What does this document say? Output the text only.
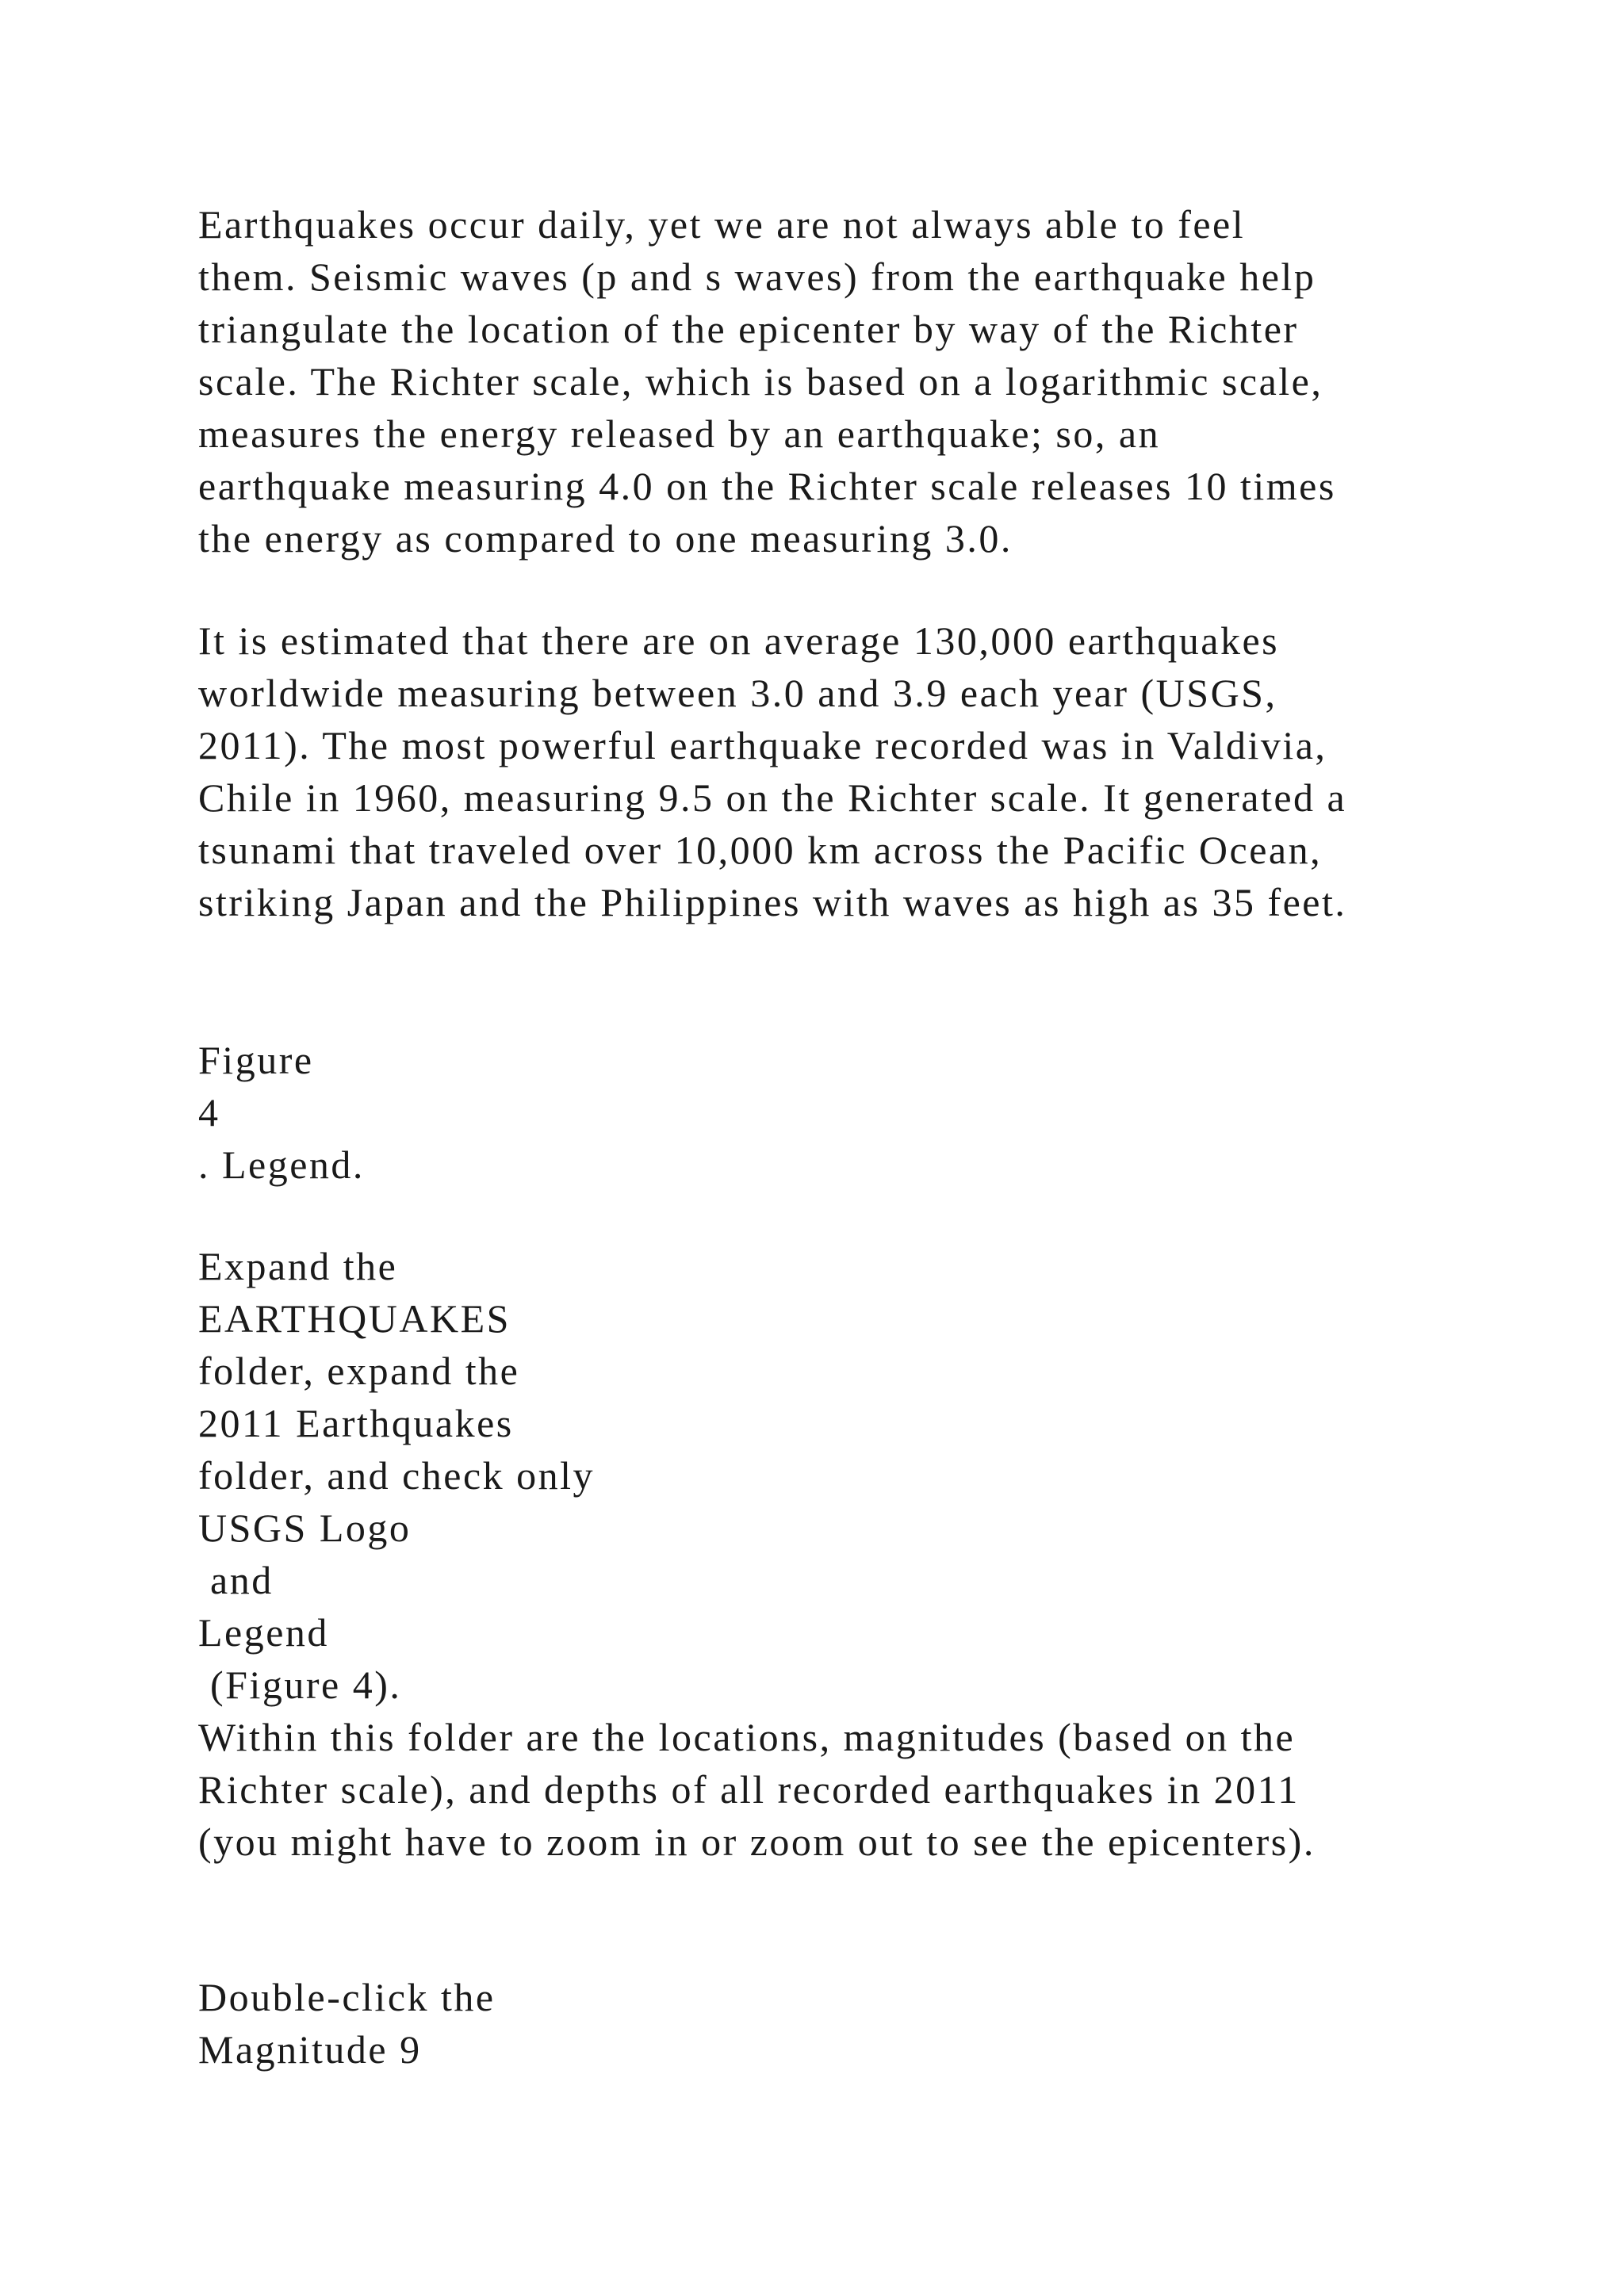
Earthquakes occur daily, yet we are not always able to feel
them. Seismic waves (p and s waves) from the earthquake help
triangulate the location of the epicenter by way of the Richter
scale. The Richter scale, which is based on a logarithmic scale,
measures the energy released by an earthquake; so, an
earthquake measuring 4.0 on the Richter scale releases 10 times
the energy as compared to one measuring 3.0.
It is estimated that there are on average 130,000 earthquakes
worldwide measuring between 3.0 and 3.9 each year (USGS,
2011). The most powerful earthquake recorded was in Valdivia,
Chile in 1960, measuring 9.5 on the Richter scale. It generated a
tsunami that traveled over 10,000 km across the Pacific Ocean,
striking Japan and the Philippines with waves as high as 35 feet.
Figure
4
. Legend.
Expand the
EARTHQUAKES
folder, expand the
2011 Earthquakes
folder, and check only
USGS Logo
and
Legend
(Figure 4).
Within this folder are the locations, magnitudes (based on the
Richter scale), and depths of all recorded earthquakes in 2011
(you might have to zoom in or zoom out to see the epicenters).
Double-click the
Magnitude 9
